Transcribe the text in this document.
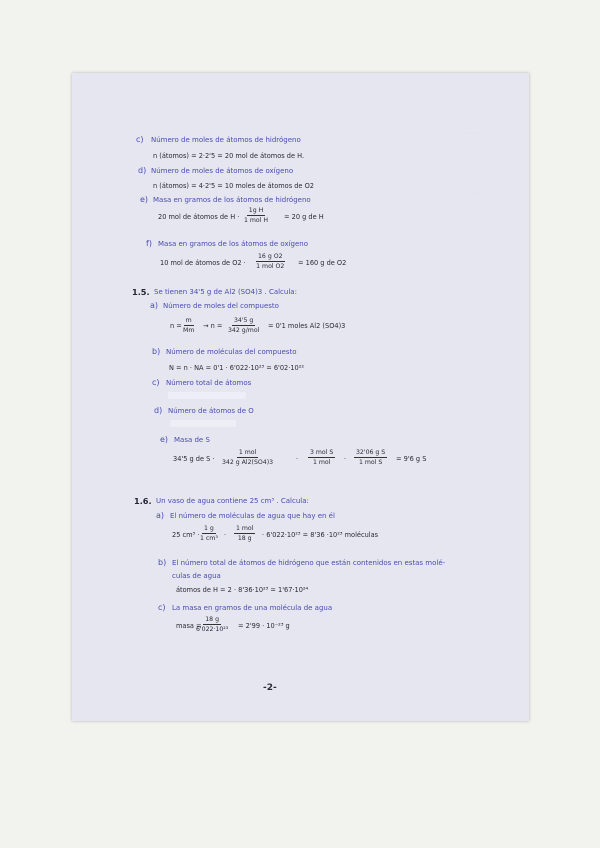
· · · · ·
· · ·
c) Número de moles de átomos de hidrógeno
n (átomos) = 2·2'5 = 20 mol de átomos de H.
d) Número de moles de átomos de oxígeno
n (átomos) = 4·2'5 = 10 moles de átomos de O2
e) Masa en gramos de los átomos de hidrógeno
20 mol de átomos de H ·
1g H
1 mol H = 20 g de H
f) Masa en gramos de los átomos de oxígeno
10 mol de átomos de O2 ·
16 g O2
1 mol O2 = 160 g de O2
1.5. Se tienen 34'5 g de Al2 (SO4)3 . Calcula:
a) Número de moles del compuesto
$n = \frac{m}{Mm} \to n$ =
34'5 g
342 g/mol
= 0'1 moles Al2 (SO4)3
b) Número de moléculas del compuesto
N = n · NA = 0'1 · 6'022·10²³ = 6'02·10²²
c) Número total de átomos
d) Número de átomos de O
e) Masa de S
34'5 g de S ·
1 mol
342 g Al2(SO4)3	·
3 mol S
1 mol ·
32'06 g S
1 mol S = 9'6 g S
1.6. Un vaso de agua contiene 25 cm³ . Calcula:
a) El número de moléculas de agua que hay en él
25 $cm^3 \cdot \frac{1 g}{\text{1 cm³}}$ ·
1 mol
18 g · 6'022·10²³ = 8'36 ·10²³ moléculas
b) El número total de átomos de hidrógeno que están contenidos en estas molé-
culas de agua
átomos de H = 2 · 8'36·10²³ = 1'67·10²⁴
c) La masa en gramos de una molécula de agua
masa =
$\frac{18 g}{\text{6'022·10²³}} = 2'99 \cdot 10^{-23}$ g
-2-
